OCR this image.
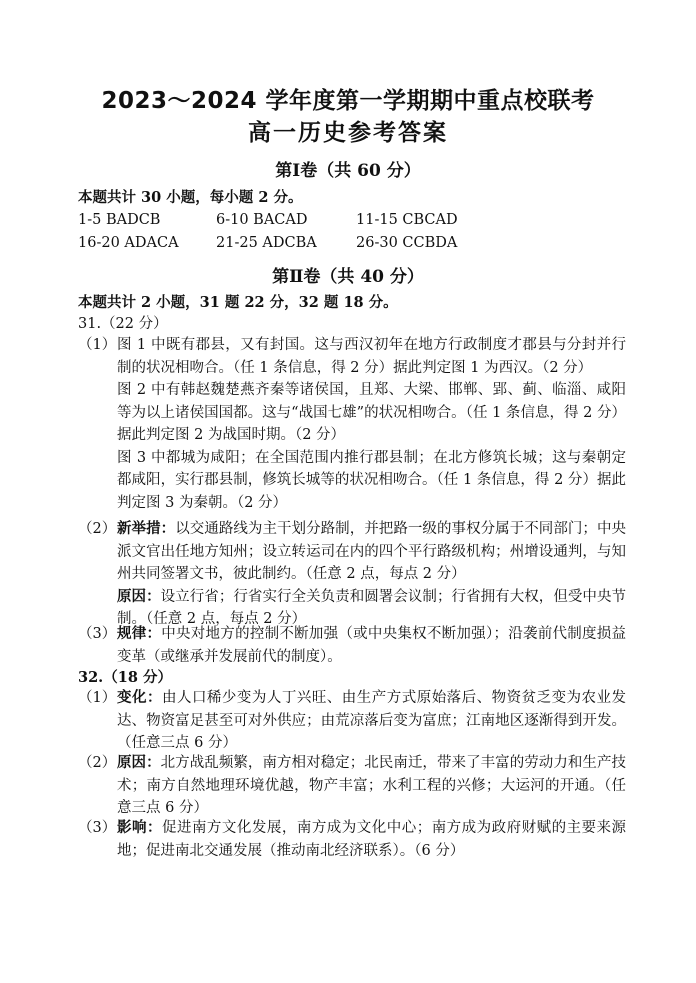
2023～2024 学年度第一学期期中重点校联考
高一历史参考答案
第Ⅰ卷（共 60 分）
本题共计 30 小题，每小题 2 分。
1-5 BADCB	6-10 BACAD	11-15 CBCAD
16-20 ADACA	21-25 ADCBA	26-30 CCBDA
第Ⅱ卷（共 40 分）
本题共计 2 小题，31 题 22 分，32 题 18 分。
31.（22 分）
（1） 图 1 中既有郡县，又有封国。这与西汉初年在地方行政制度才郡县与分封并行制的状况相吻合。（任 1 条信息，得 2 分）据此判定图 1 为西汉。（2 分）

图 2 中有韩赵魏楚燕齐秦等诸侯国，且郑、大梁、邯郸、郢、蓟、临淄、咸阳等为以上诸侯国国都。这与“战国七雄”的状况相吻合。（任 1 条信息，得 2 分）据此判定图 2 为战国时期。（2 分）

图 3 中都城为咸阳；在全国范围内推行郡县制；在北方修筑长城；这与秦朝定都咸阳，实行郡县制，修筑长城等的状况相吻合。（任 1 条信息，得 2 分）据此判定图 3 为秦朝。（2 分）

（2） 新举措：以交通路线为主干划分路制，并把路一级的事权分属于不同部门；中央派文官出任地方知州；设立转运司在内的四个平行路级机构；州增设通判，与知州共同签署文书，彼此制约。（任意 2 点，每点 2 分）

原因：设立行省；行省实行全关负责和圆署会议制；行省拥有大权，但受中央节制。（任意 2 点，每点 2 分）

（3） 规律：中央对地方的控制不断加强（或中央集权不断加强）；沿袭前代制度损益变革（或继承并发展前代的制度）。

32.（18 分）
（1） 变化：由人口稀少变为人丁兴旺、由生产方式原始落后、物资贫乏变为农业发达、物资富足甚至可对外供应；由荒凉落后变为富庶；江南地区逐渐得到开发。（任意三点 6 分）

（2） 原因：北方战乱频繁，南方相对稳定；北民南迁，带来了丰富的劳动力和生产技术；南方自然地理环境优越，物产丰富；水利工程的兴修；大运河的开通。（任意三点 6 分）

（3） 影响：促进南方文化发展，南方成为文化中心；南方成为政府财赋的主要来源地；促进南北交通发展（推动南北经济联系）。（6 分）
